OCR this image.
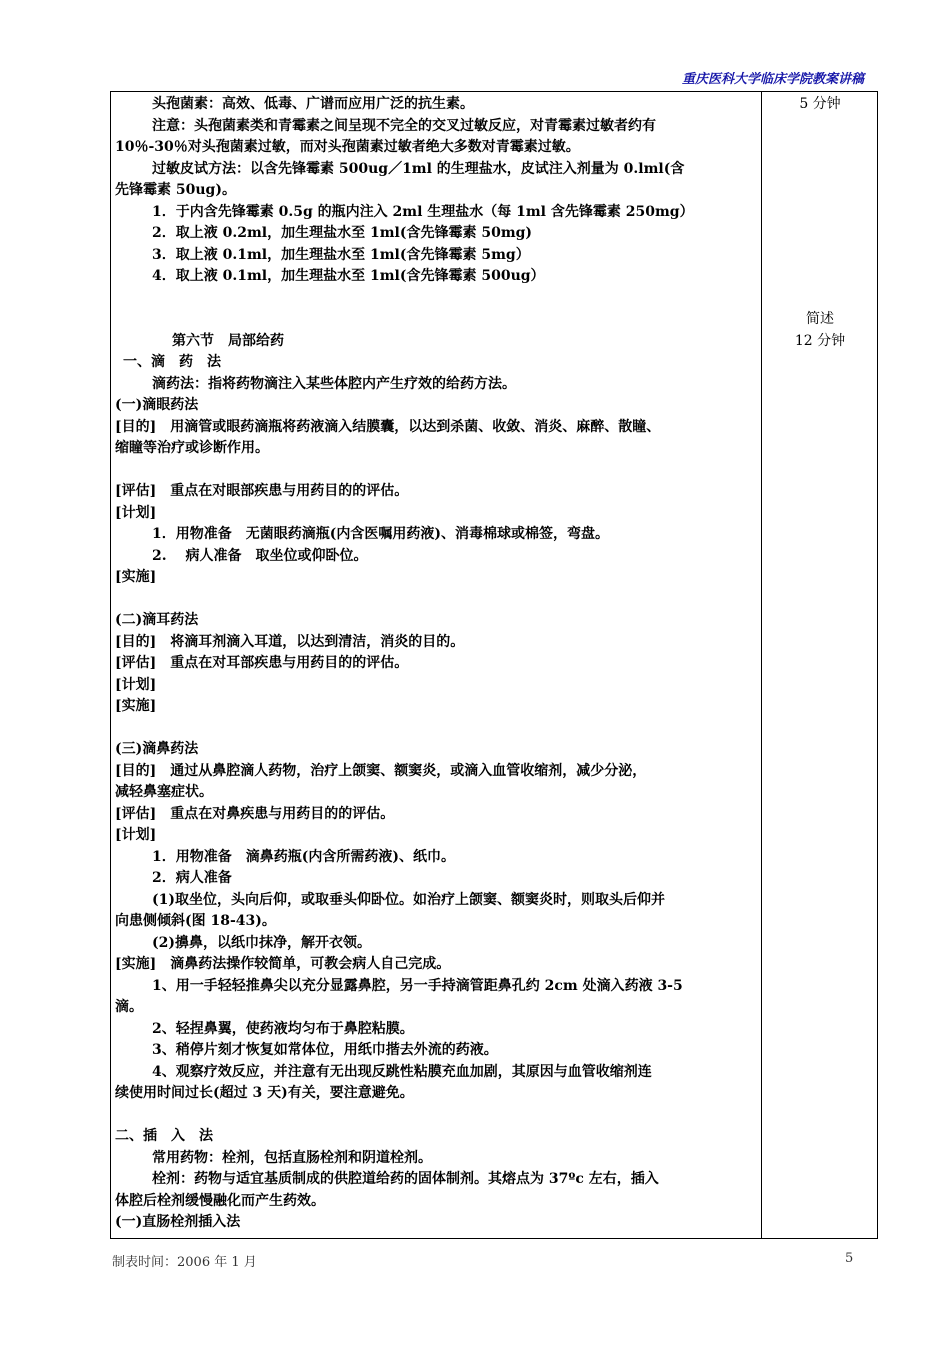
重庆医科大学临床学院教案讲稿
头孢菌素：高效、低毒、广谱而应用广泛的抗生素。
注意：头孢菌素类和青霉素之间呈现不完全的交叉过敏反应，对青霉素过敏者约有
10％-30％对头孢菌素过敏，而对头孢菌素过敏者绝大多数对青霉素过敏。
过敏皮试方法：以含先锋霉素 500ug／1ml 的生理盐水，皮试注入剂量为 0.lml(含
先锋霉素 50ug)。
1．于内含先锋霉素 0.5g 的瓶内注入 2ml 生理盐水（每 1ml 含先锋霉素 250mg）
2．取上液 0.2ml，加生理盐水至 1ml(含先锋霉素 50mg)
3．取上液 0.1ml，加生理盐水至 1ml(含先锋霉素 5mg）
4．取上液 0.1ml，加生理盐水至 1ml(含先锋霉素 500ug）
第六节　局部给药
一、滴　药　法
滴药法：指将药物滴注入某些体腔内产生疗效的给药方法。
(一)滴眼药法
[目的]　用滴管或眼药滴瓶将药液滴入结膜囊，以达到杀菌、收敛、消炎、麻醉、散瞳、
缩瞳等治疗或诊断作用。
[评估]　重点在对眼部疾患与用药目的的评估。
[计划]
1．用物准备　无菌眼药滴瓶(内含医嘱用药液)、消毒棉球或棉签，弯盘。
2.　 病人准备　取坐位或仰卧位。
[实施]
(二)滴耳药法
[目的]　将滴耳剂滴入耳道，以达到清洁，消炎的目的。
[评估]　重点在对耳部疾患与用药目的的评估。
[计划]
[实施]
(三)滴鼻药法
[目的]　通过从鼻腔滴人药物，治疗上颌窦、额窦炎，或滴入血管收缩剂，减少分泌，
减轻鼻塞症状。
[评估]　重点在对鼻疾患与用药目的的评估。
[计划]
1．用物准备　滴鼻药瓶(内含所需药液)、纸巾。
2．病人准备
(1)取坐位，头向后仰，或取垂头仰卧位。如治疗上颌窦、额窦炎时，则取头后仰并
向患侧倾斜(图 18-43)。
(2)擤鼻，以纸巾抹净，解开衣领。
[实施]　滴鼻药法操作较简单，可教会病人自己完成。
1、用一手轻轻推鼻尖以充分显露鼻腔，另一手持滴管距鼻孔约 2cm 处滴入药液 3-5
滴。
2、轻捏鼻翼，使药液均匀布于鼻腔粘膜。
3、稍停片刻才恢复如常体位，用纸巾揩去外流的药液。
4、观察疗效反应，并注意有无出现反跳性粘膜充血加剧，其原因与血管收缩剂连
续使用时间过长(超过 3 天)有关，要注意避免。
二、插　入　法
常用药物：栓剂，包括直肠栓剂和阴道栓剂。
栓剂：药物与适宜基质制成的供腔道给药的固体制剂。其熔点为 37ºc 左右，插入
体腔后栓剂缓慢融化而产生药效。
(一)直肠栓剂插入法
5 分钟
简述
12 分钟
制表时间：2006 年 1 月	5
